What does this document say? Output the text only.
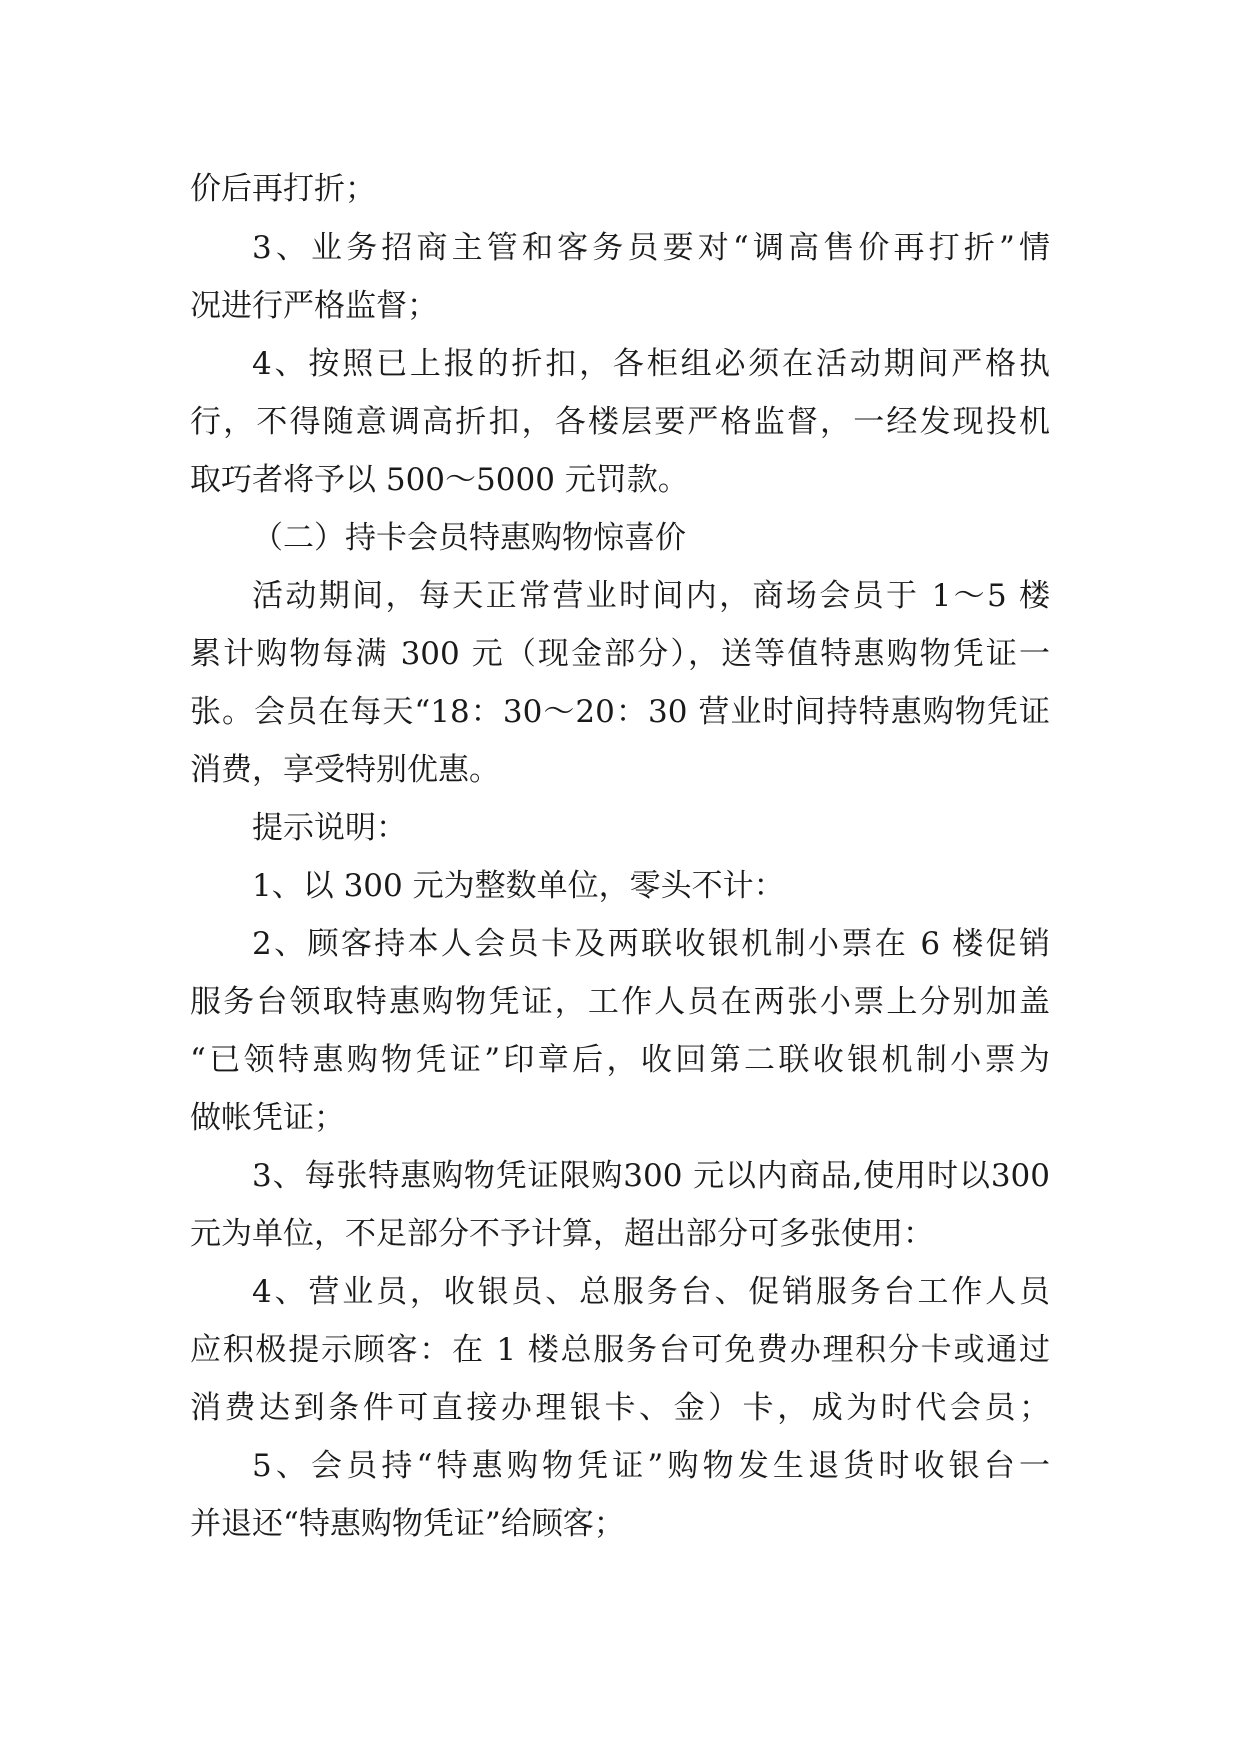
价后再打折；
3、业务招商主管和客务员要对“调高售价再打折”情
况进行严格监督；
4、按照已上报的折扣，各柜组必须在活动期间严格执
行，不得随意调高折扣，各楼层要严格监督，一经发现投机
取巧者将予以 500～5000 元罚款。
（二）持卡会员特惠购物惊喜价
活动期间，每天正常营业时间内，商场会员于 1～5 楼
累计购物每满 300 元（现金部分），送等值特惠购物凭证一
张。会员在每天“18：30～20：30 营业时间持特惠购物凭证
消费，享受特别优惠。
提示说明：
1、以 300 元为整数单位，零头不计：
2、顾客持本人会员卡及两联收银机制小票在 6 楼促销
服务台领取特惠购物凭证，工作人员在两张小票上分别加盖
“已领特惠购物凭证”印章后，收回第二联收银机制小票为
做帐凭证；
3、每张特惠购物凭证限购300 元以内商品,使用时以300
元为单位，不足部分不予计算，超出部分可多张使用：
4、营业员，收银员、总服务台、促销服务台工作人员
应积极提示顾客：在 1 楼总服务台可免费办理积分卡或通过
消费达到条件可直接办理银卡、金）卡，成为时代会员；
5、会员持“特惠购物凭证”购物发生退货时收银台一
并退还“特惠购物凭证”给顾客；
